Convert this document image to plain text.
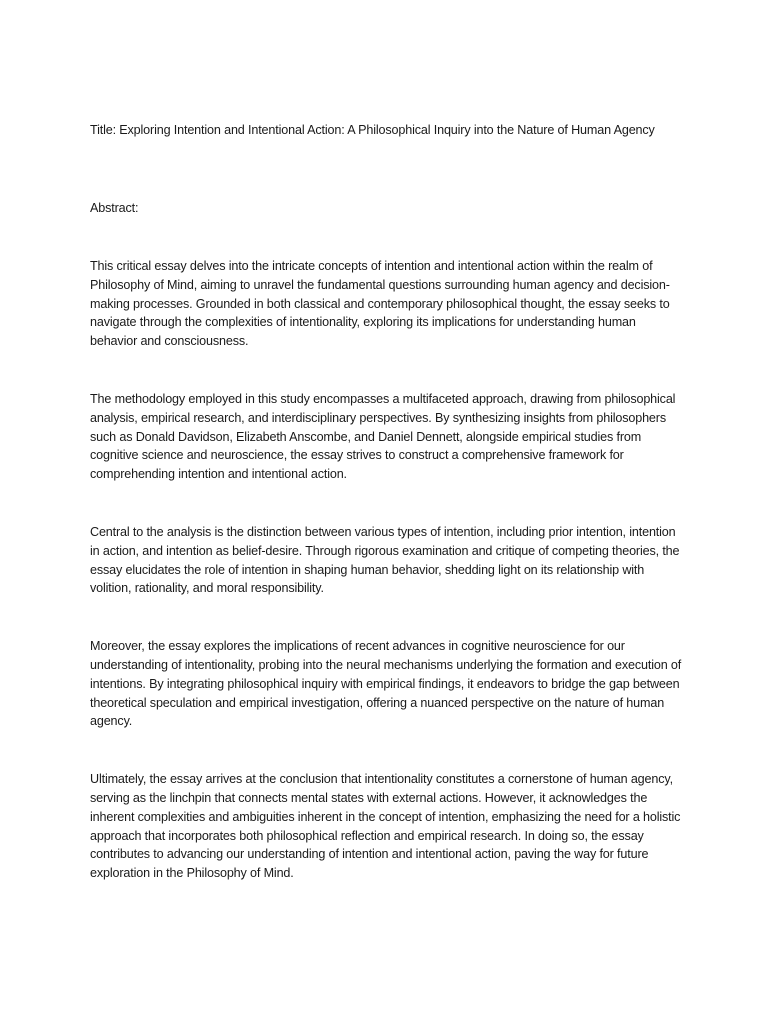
Title: Exploring Intention and Intentional Action: A Philosophical Inquiry into the Nature of Human Agency

Abstract:

This critical essay delves into the intricate concepts of intention and intentional action within the realm of Philosophy of Mind, aiming to unravel the fundamental questions surrounding human agency and decision-making processes. Grounded in both classical and contemporary philosophical thought, the essay seeks to navigate through the complexities of intentionality, exploring its implications for understanding human behavior and consciousness.

The methodology employed in this study encompasses a multifaceted approach, drawing from philosophical analysis, empirical research, and interdisciplinary perspectives. By synthesizing insights from philosophers such as Donald Davidson, Elizabeth Anscombe, and Daniel Dennett, alongside empirical studies from cognitive science and neuroscience, the essay strives to construct a comprehensive framework for comprehending intention and intentional action.

Central to the analysis is the distinction between various types of intention, including prior intention, intention in action, and intention as belief-desire. Through rigorous examination and critique of competing theories, the essay elucidates the role of intention in shaping human behavior, shedding light on its relationship with volition, rationality, and moral responsibility.

Moreover, the essay explores the implications of recent advances in cognitive neuroscience for our understanding of intentionality, probing into the neural mechanisms underlying the formation and execution of intentions. By integrating philosophical inquiry with empirical findings, it endeavors to bridge the gap between theoretical speculation and empirical investigation, offering a nuanced perspective on the nature of human agency.

Ultimately, the essay arrives at the conclusion that intentionality constitutes a cornerstone of human agency, serving as the linchpin that connects mental states with external actions. However, it acknowledges the inherent complexities and ambiguities inherent in the concept of intention, emphasizing the need for a holistic approach that incorporates both philosophical reflection and empirical research. In doing so, the essay contributes to advancing our understanding of intention and intentional action, paving the way for future exploration in the Philosophy of Mind.
